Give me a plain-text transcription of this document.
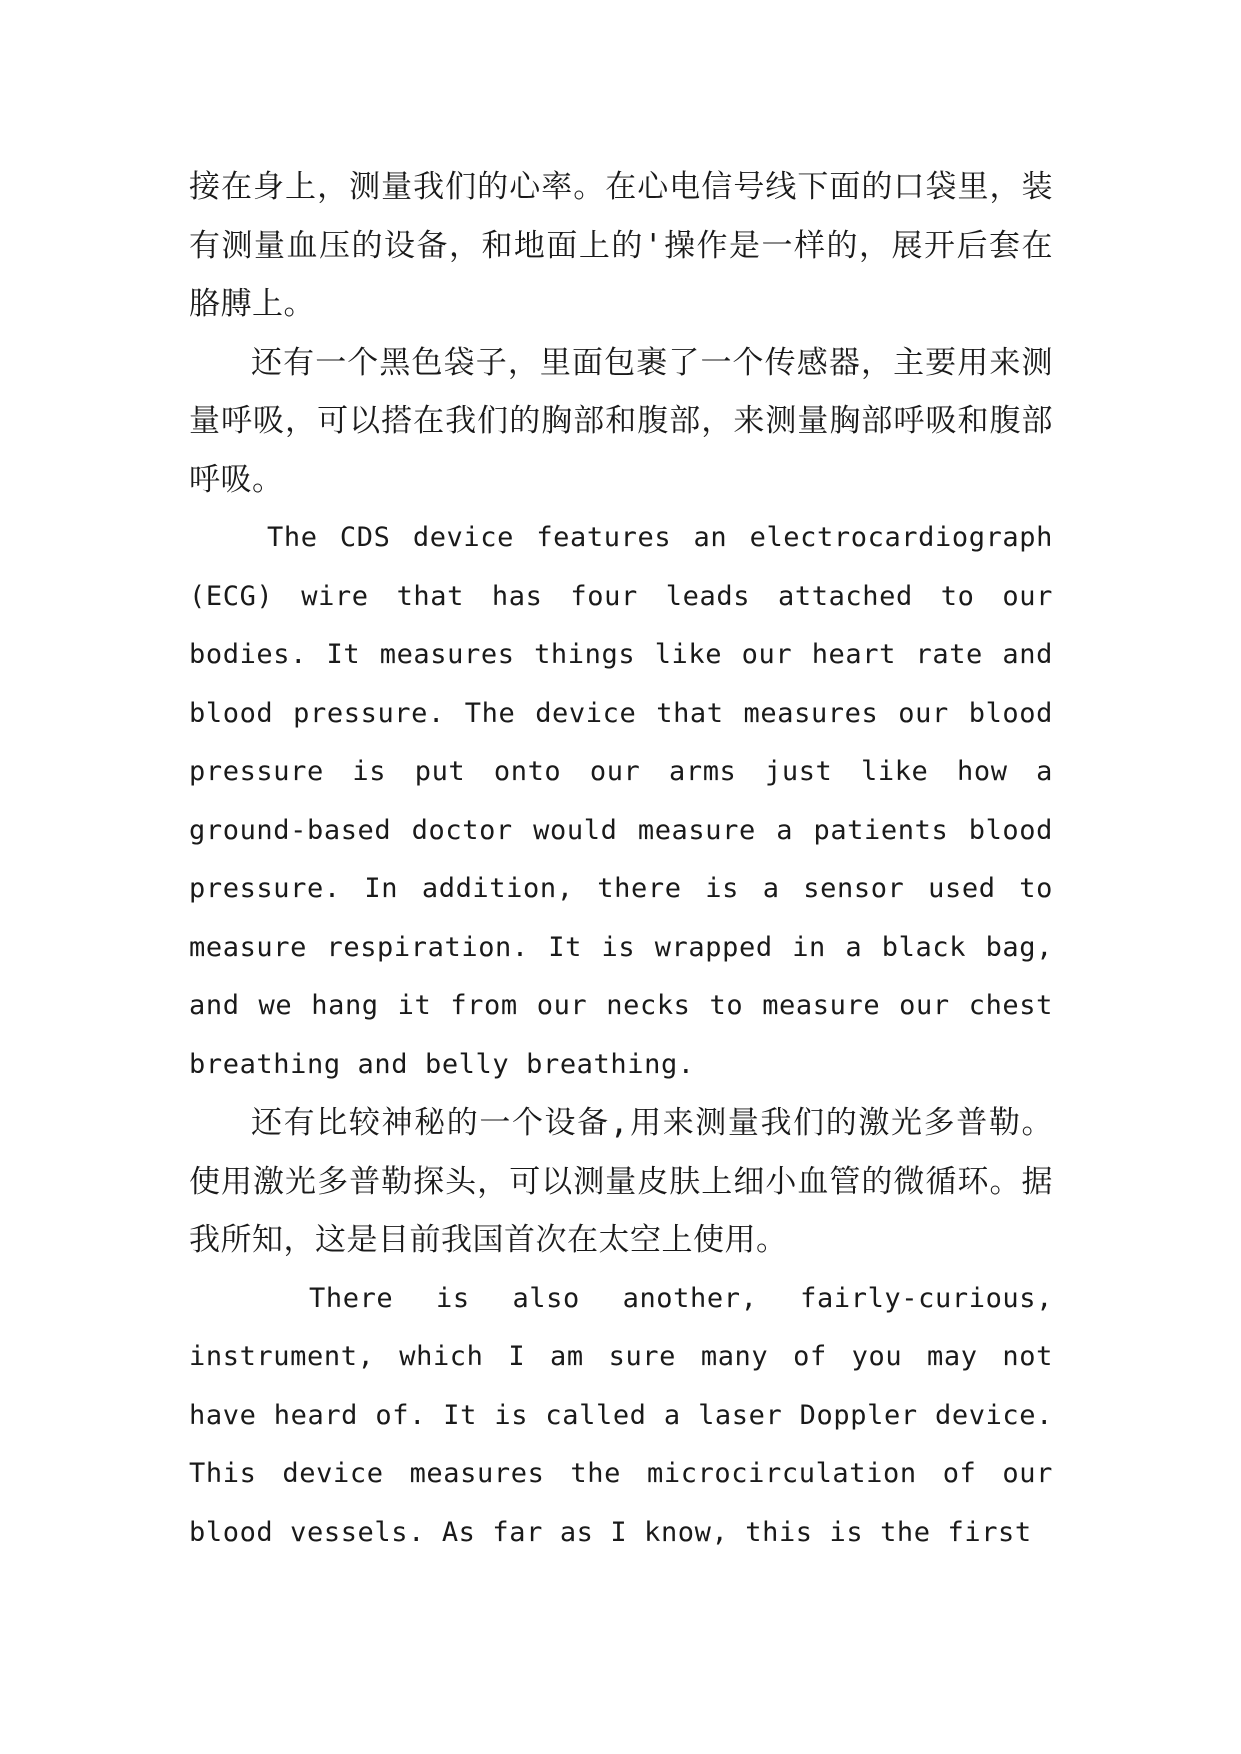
接在身上，测量我们的心率。在心电信号线下面的口袋里，装有测量血压的设备，和地面上的'操作是一样的，展开后套在胳膊上。

还有一个黑色袋子，里面包裹了一个传感器，主要用来测量呼吸，可以搭在我们的胸部和腹部，来测量胸部呼吸和腹部呼吸。

The CDS device features an electrocardiograph (ECG) wire that has four leads attached to our bodies. It measures things like our heart rate and blood pressure. The device that measures our blood pressure is put onto our arms just like how a ground-based doctor would measure a patients blood pressure. In addition, there is a sensor used to measure respiration. It is wrapped in a black bag, and we hang it from our necks to measure our chest breathing and belly breathing.

还有比较神秘的一个设备,用来测量我们的激光多普勒。使用激光多普勒探头，可以测量皮肤上细小血管的微循环。据我所知，这是目前我国首次在太空上使用。

There is also another, fairly-curious, instrument, which I am sure many of you may not have heard of. It is called a laser Doppler device. This device measures the microcirculation of our blood vessels. As far as I know, this is the first
